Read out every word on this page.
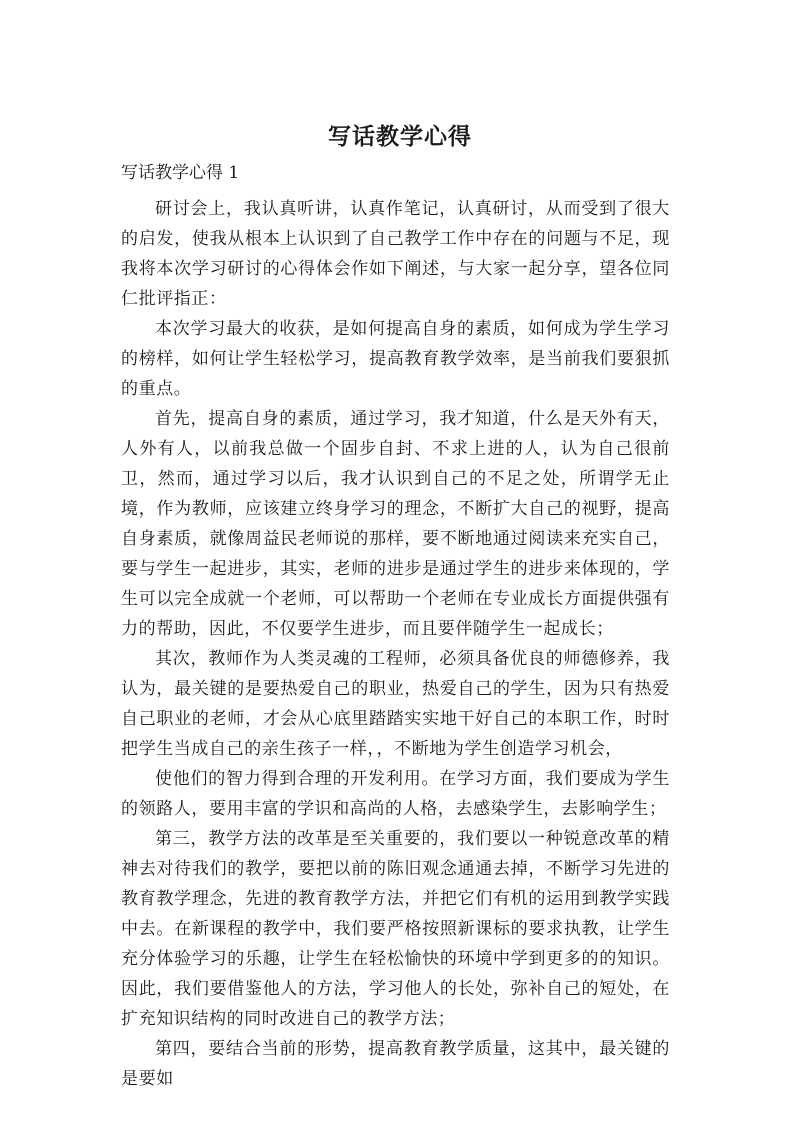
写话教学心得

写话教学心得 1

研讨会上，我认真听讲，认真作笔记，认真研讨，从而受到了很大的启发，使我从根本上认识到了自己教学工作中存在的问题与不足，现我将本次学习研讨的心得体会作如下阐述，与大家一起分享，望各位同仁批评指正：

本次学习最大的收获，是如何提高自身的素质，如何成为学生学习的榜样，如何让学生轻松学习，提高教育教学效率，是当前我们要狠抓的重点。

首先，提高自身的素质，通过学习，我才知道，什么是天外有天，人外有人，以前我总做一个固步自封、不求上进的人，认为自己很前卫，然而，通过学习以后，我才认识到自己的不足之处，所谓学无止境，作为教师，应该建立终身学习的理念，不断扩大自己的视野，提高自身素质，就像周益民老师说的那样，要不断地通过阅读来充实自己，要与学生一起进步，其实，老师的进步是通过学生的进步来体现的，学生可以完全成就一个老师，可以帮助一个老师在专业成长方面提供强有力的帮助，因此，不仅要学生进步，而且要伴随学生一起成长；

其次，教师作为人类灵魂的工程师，必须具备优良的师德修养，我认为，最关键的是要热爱自己的职业，热爱自己的学生，因为只有热爱自己职业的老师，才会从心底里踏踏实实地干好自己的本职工作，时时把学生当成自己的亲生孩子一样，，不断地为学生创造学习机会，

使他们的智力得到合理的开发利用。在学习方面，我们要成为学生的领路人，要用丰富的学识和高尚的人格，去感染学生，去影响学生；

第三，教学方法的改革是至关重要的，我们要以一种锐意改革的精神去对待我们的教学，要把以前的陈旧观念通通去掉，不断学习先进的教育教学理念，先进的教育教学方法，并把它们有机的运用到教学实践中去。在新课程的教学中，我们要严格按照新课标的要求执教，让学生充分体验学习的乐趣，让学生在轻松愉快的环境中学到更多的的知识。因此，我们要借鉴他人的方法，学习他人的长处，弥补自己的短处，在扩充知识结构的同时改进自己的教学方法；

第四，要结合当前的形势，提高教育教学质量，这其中，最关键的是要如
